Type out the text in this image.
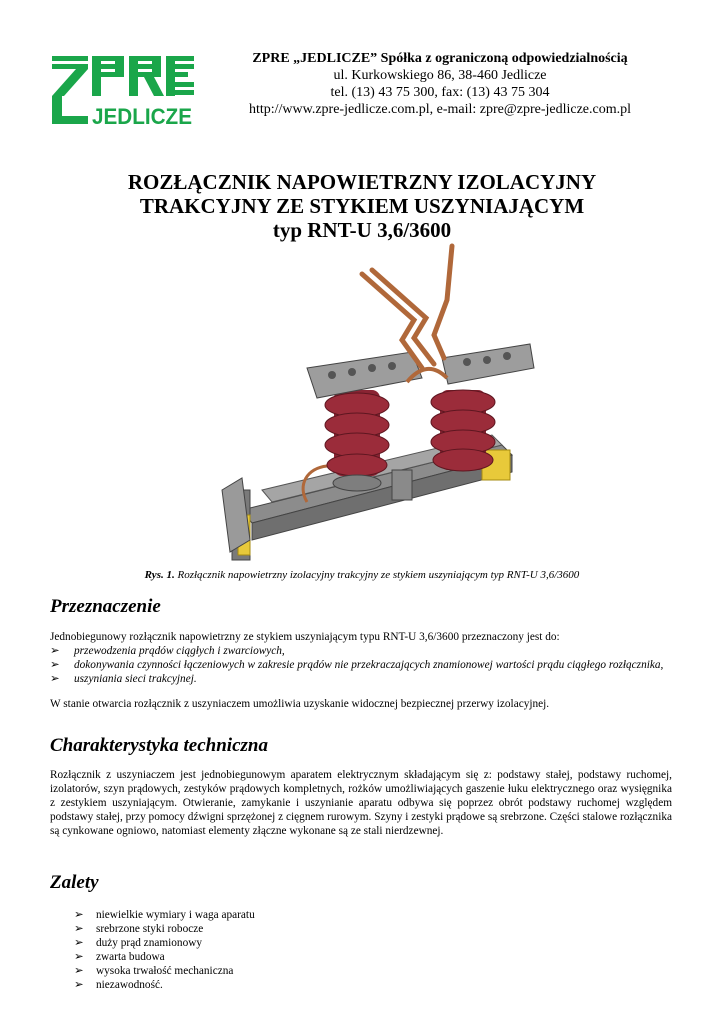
JEDLICZE
ZPRE „JEDLICZE” Spółka z ograniczoną odpowiedzialnością
ul. Kurkowskiego 86, 38-460 Jedlicze
tel. (13) 43 75 300, fax: (13) 43 75 304
http://www.zpre-jedlicze.com.pl, e-mail: zpre@zpre-jedlicze.com.pl
ROZŁĄCZNIK NAPOWIETRZNY IZOLACYJNY
TRAKCYJNY ZE STYKIEM USZYNIAJĄCYM
typ RNT-U 3,6/3600
Rys. 1. Rozłącznik napowietrzny izolacyjny trakcyjny ze stykiem uszyniającym typ RNT-U 3,6/3600
Przeznaczenie
Jednobiegunowy rozłącznik napowietrzny ze stykiem uszyniającym typu RNT-U 3,6/3600 przeznaczony jest do:
➢ przewodzenia prądów ciągłych i zwarciowych,
➢ dokonywania czynności łączeniowych w zakresie prądów nie przekraczających znamionowej wartości prądu ciągłego rozłącznika,
➢ uszyniania sieci trakcyjnej.
W stanie otwarcia rozłącznik z uszyniaczem umożliwia uzyskanie widocznej bezpiecznej przerwy izolacyjnej.
Charakterystyka techniczna
Rozłącznik z uszyniaczem jest jednobiegunowym aparatem elektrycznym składającym się z: podstawy stałej, podstawy ruchomej, izolatorów, szyn prądowych, zestyków prądowych kompletnych, rożków umożliwiających gaszenie łuku elektrycznego oraz wysięgnika z zestykiem uszyniającym. Otwieranie, zamykanie i uszynianie aparatu odbywa się poprzez obrót podstawy ruchomej względem podstawy stałej, przy pomocy dźwigni sprzężonej z cięgnem rurowym. Szyny i zestyki prądowe są srebrzone. Części stalowe rozłącznika są cynkowane ogniowo, natomiast elementy złączne wykonane są ze stali nierdzewnej.
Zalety
➢ niewielkie wymiary i waga aparatu
➢ srebrzone styki robocze
➢ duży prąd znamionowy
➢ zwarta budowa
➢ wysoka trwałość mechaniczna
➢ niezawodność.
